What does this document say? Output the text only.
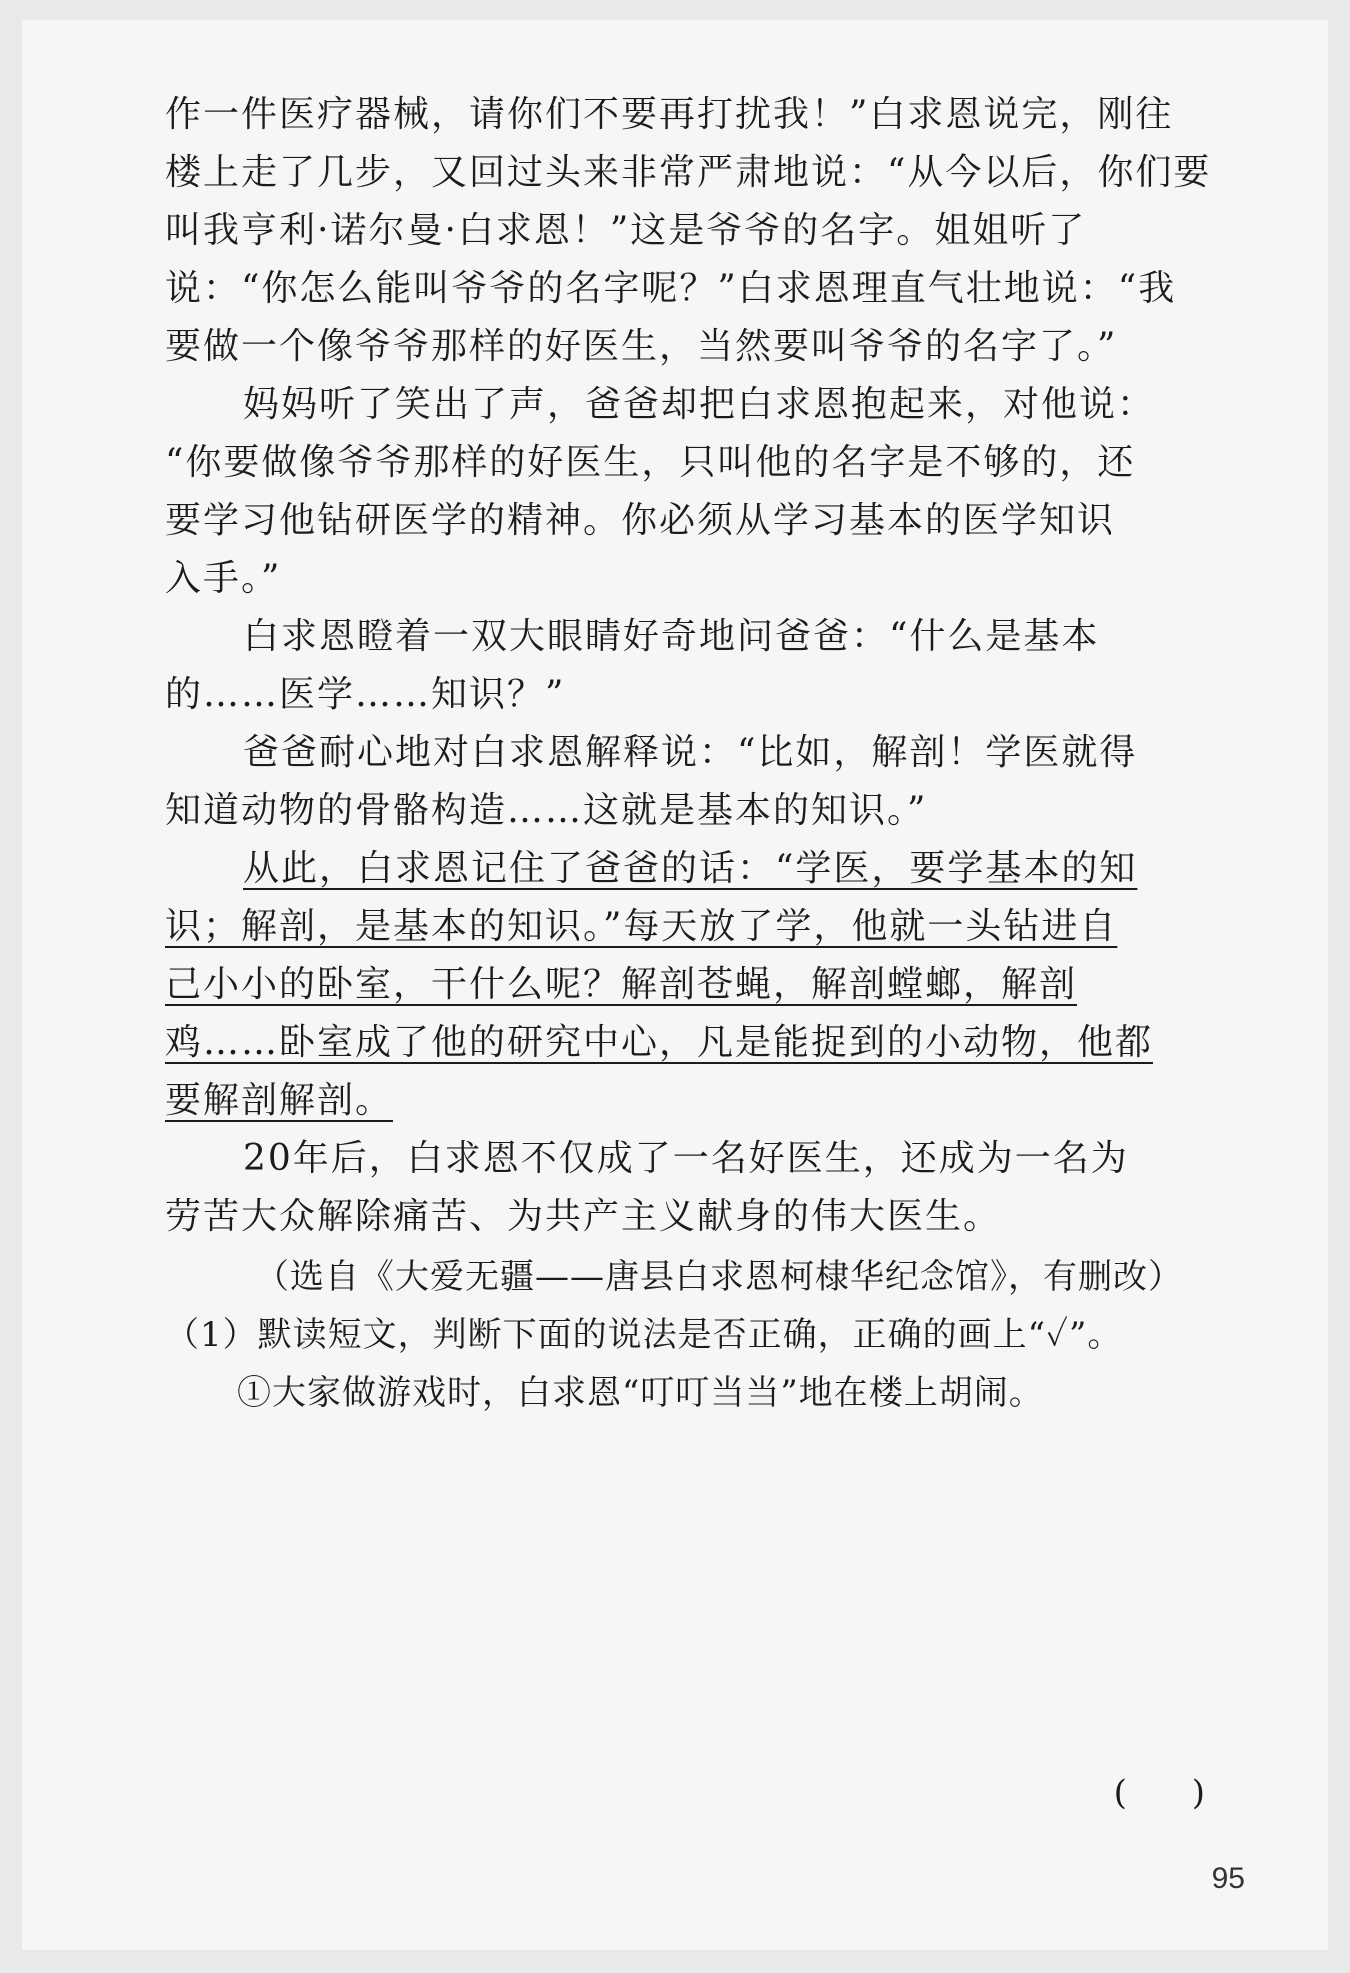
作一件医疗器械，请你们不要再打扰我！”白求恩说完，刚往
楼上走了几步，又回过头来非常严肃地说：“从今以后，你们要
叫我亨利·诺尔曼·白求恩！”这是爷爷的名字。姐姐听了
说：“你怎么能叫爷爷的名字呢？”白求恩理直气壮地说：“我
要做一个像爷爷那样的好医生，当然要叫爷爷的名字了。”
妈妈听了笑出了声，爸爸却把白求恩抱起来，对他说：
“你要做像爷爷那样的好医生，只叫他的名字是不够的，还
要学习他钻研医学的精神。你必须从学习基本的医学知识
入手。”
白求恩瞪着一双大眼睛好奇地问爸爸：“什么是基本
的……医学……知识？”
爸爸耐心地对白求恩解释说：“比如，解剖！学医就得
知道动物的骨骼构造……这就是基本的知识。”
从此，白求恩记住了爸爸的话：“学医，要学基本的知
识；解剖，是基本的知识。”每天放了学，他就一头钻进自
己小小的卧室，干什么呢？解剖苍蝇，解剖螳螂，解剖
鸡……卧室成了他的研究中心，凡是能捉到的小动物，他都
要解剖解剖。
20年后，白求恩不仅成了一名好医生，还成为一名为
劳苦大众解除痛苦、为共产主义献身的伟大医生。
（选自《大爱无疆——唐县白求恩柯棣华纪念馆》，有删改）
（1）默读短文，判断下面的说法是否正确，正确的画上“✓”。
①大家做游戏时，白求恩“叮叮当当”地在楼上胡闹。
(      )
95
